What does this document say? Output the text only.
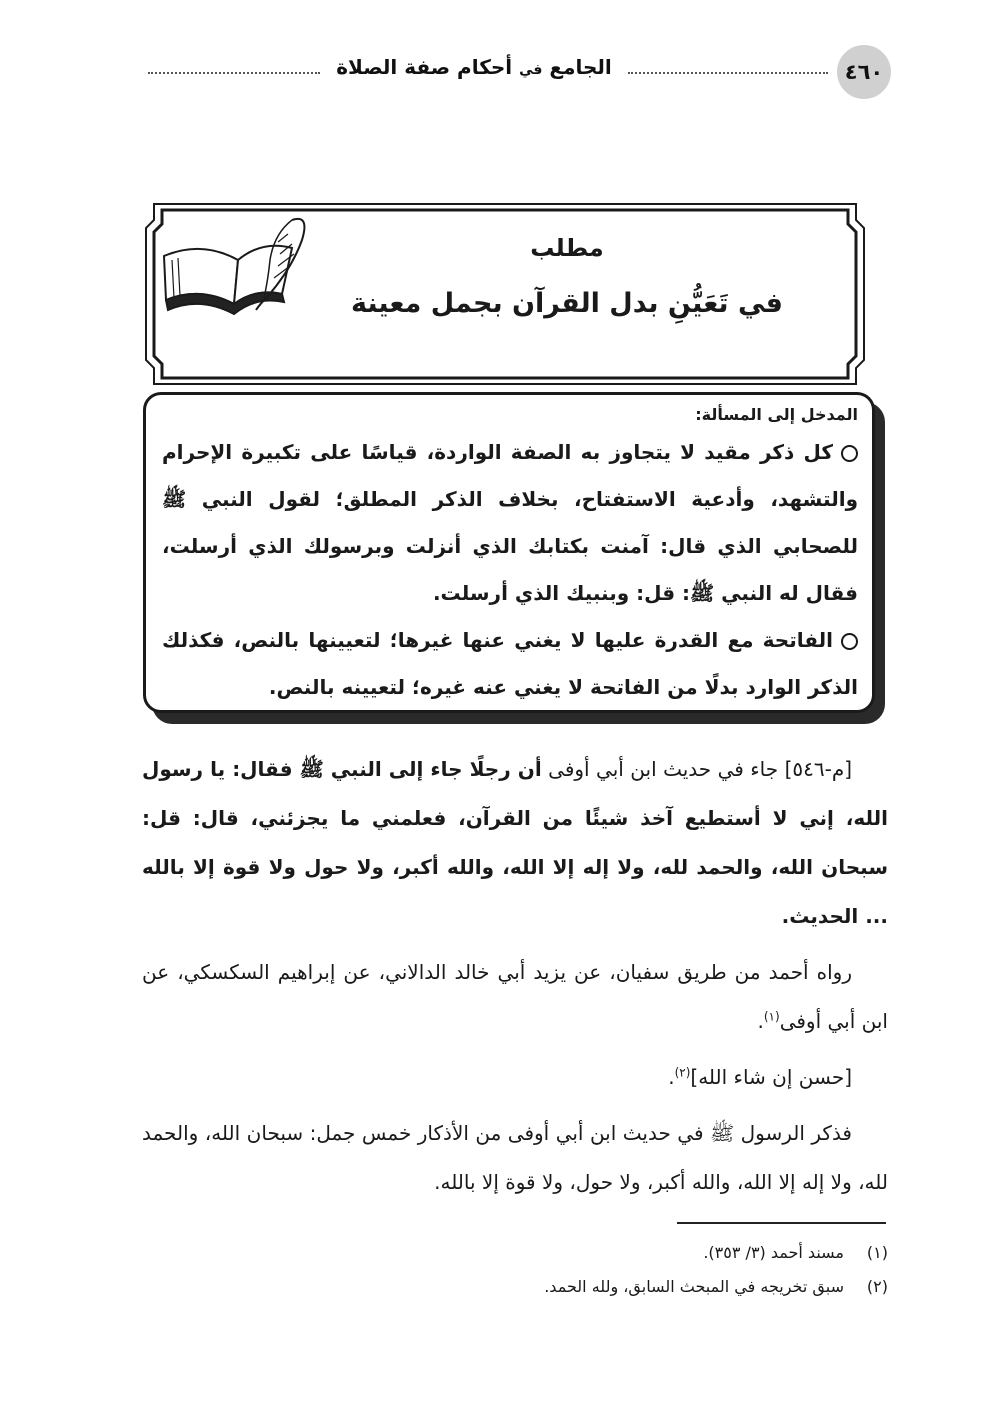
٤٦٠
الجامع في أحكام صفة الصلاة
مطلب
في تَعَيُّنِ بدل القرآن بجمل معينة

المدخل إلى المسألة:

كل ذكر مقيد لا يتجاوز به الصفة الواردة، قياسًا على تكبيرة الإحرام والتشهد، وأدعية الاستفتاح، بخلاف الذكر المطلق؛ لقول النبي ﷺ للصحابي الذي قال: آمنت بكتابك الذي أنزلت وبرسولك الذي أرسلت، فقال له النبي ﷺ: قل: وبنبيك الذي أرسلت.

الفاتحة مع القدرة عليها لا يغني عنها غيرها؛ لتعيينها بالنص، فكذلك الذكر الوارد بدلًا من الفاتحة لا يغني عنه غيره؛ لتعيينه بالنص.

[م-٥٤٦] جاء في حديث ابن أبي أوفى أن رجلًا جاء إلى النبي ﷺ فقال: يا رسول الله، إني لا أستطيع آخذ شيئًا من القرآن، فعلمني ما يجزئني، قال: قل: سبحان الله، والحمد لله، ولا إله إلا الله، والله أكبر، ولا حول ولا قوة إلا بالله ... الحديث.

رواه أحمد من طريق سفيان، عن يزيد أبي خالد الدالاني، عن إبراهيم السكسكي، عن ابن أبي أوفى$^{(١)}$.

[حسن إن شاء الله]$^{(٢)}$.

فذكر الرسول ﷺ في حديث ابن أبي أوفى من الأذكار خمس جمل: سبحان الله، والحمد لله، ولا إله إلا الله، والله أكبر، ولا حول، ولا قوة إلا بالله.

(١)مسند أحمد (٣/ ٣٥٣).

(٢)سبق تخريجه في المبحث السابق، ولله الحمد.
